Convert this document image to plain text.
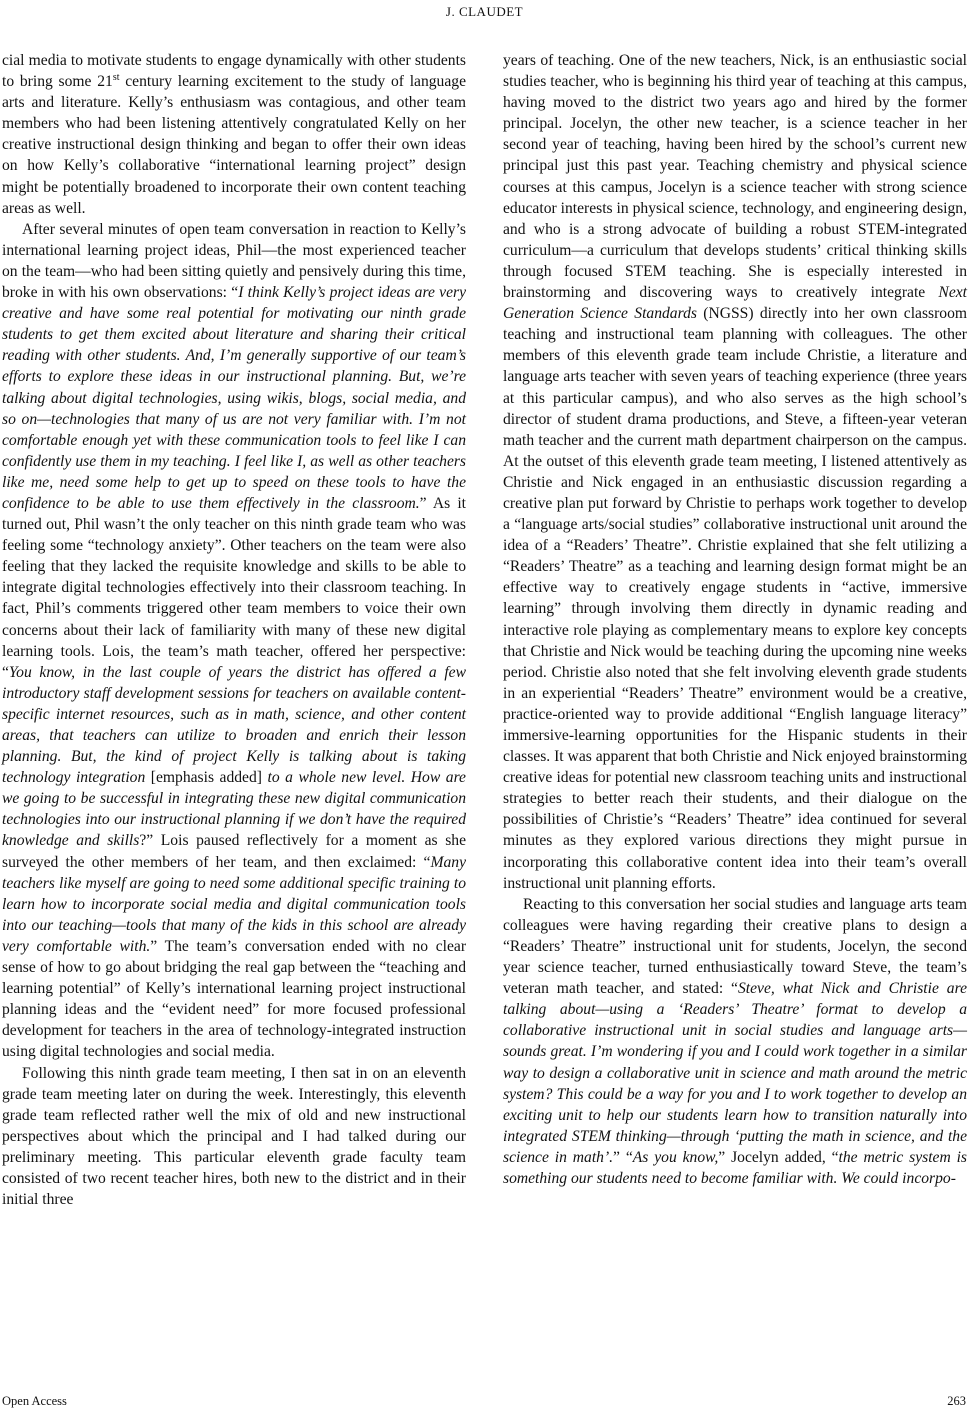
J. CLAUDET

cial media to motivate students to engage dynamically with other students to bring some 21st century learning excitement to the study of language arts and literature. Kelly’s enthusiasm was contagious, and other team members who had been listening attentively congratulated Kelly on her creative instructional design thinking and began to offer their own ideas on how Kelly’s collaborative “international learning project” design might be potentially broadened to incorporate their own content teaching areas as well.

After several minutes of open team conversation in reaction to Kelly’s international learning project ideas, Phil—the most experienced teacher on the team—who had been sitting quietly and pensively during this time, broke in with his own observations: “I think Kelly’s project ideas are very creative and have some real potential for motivating our ninth grade students to get them excited about literature and sharing their critical reading with other students. And, I’m generally supportive of our team’s efforts to explore these ideas in our instructional planning. But, we’re talking about digital technologies, using wikis, blogs, social media, and so on—technologies that many of us are not very familiar with. I’m not comfortable enough yet with these communication tools to feel like I can confidently use them in my teaching. I feel like I, as well as other teachers like me, need some help to get up to speed on these tools to have the confidence to be able to use them effectively in the classroom.” As it turned out, Phil wasn’t the only teacher on this ninth grade team who was feeling some “technology anxiety”. Other teachers on the team were also feeling that they lacked the requisite knowledge and skills to be able to integrate digital technologies effectively into their classroom teaching. In fact, Phil’s comments triggered other team members to voice their own concerns about their lack of familiarity with many of these new digital learning tools. Lois, the team’s math teacher, offered her perspective: “You know, in the last couple of years the district has offered a few introductory staff development sessions for teachers on available content-specific internet resources, such as in math, science, and other content areas, that teachers can utilize to broaden and enrich their lesson planning. But, the kind of project Kelly is talking about is taking technology integration [emphasis added] to a whole new level. How are we going to be successful in integrating these new digital communication technologies into our instructional planning if we don’t have the required knowledge and skills?” Lois paused reflectively for a moment as she surveyed the other members of her team, and then exclaimed: “Many teachers like myself are going to need some additional specific training to learn how to incorporate social media and digital communication tools into our teaching—tools that many of the kids in this school are already very comfortable with.” The team’s conversation ended with no clear sense of how to go about bridging the real gap between the “teaching and learning potential” of Kelly’s international learning project instructional planning ideas and the “evident need” for more focused professional development for teachers in the area of technology-integrated instruction using digital technologies and social media.

Following this ninth grade team meeting, I then sat in on an eleventh grade team meeting later on during the week. Interestingly, this eleventh grade team reflected rather well the mix of old and new instructional perspectives about which the principal and I had talked during our preliminary meeting. This particular eleventh grade faculty team consisted of two recent teacher hires, both new to the district and in their initial three

years of teaching. One of the new teachers, Nick, is an enthusiastic social studies teacher, who is beginning his third year of teaching at this campus, having moved to the district two years ago and hired by the former principal. Jocelyn, the other new teacher, is a science teacher in her second year of teaching, having been hired by the school’s current new principal just this past year. Teaching chemistry and physical science courses at this campus, Jocelyn is a science teacher with strong science educator interests in physical science, technology, and engineering design, and who is a strong advocate of building a robust STEM-integrated curriculum—a curriculum that develops students’ critical thinking skills through focused STEM teaching. She is especially interested in brainstorming and discovering ways to creatively integrate Next Generation Science Standards (NGSS) directly into her own classroom teaching and instructional team planning with colleagues. The other members of this eleventh grade team include Christie, a literature and language arts teacher with seven years of teaching experience (three years at this particular campus), and who also serves as the high school’s director of student drama productions, and Steve, a fifteen-year veteran math teacher and the current math department chairperson on the campus. At the outset of this eleventh grade team meeting, I listened attentively as Christie and Nick engaged in an enthusiastic discussion regarding a creative plan put forward by Christie to perhaps work together to develop a “language arts/social studies” collaborative instructional unit around the idea of a “Readers’ Theatre”. Christie explained that she felt utilizing a “Readers’ Theatre” as a teaching and learning design format might be an effective way to creatively engage students in “active, immersive learning” through involving them directly in dynamic reading and interactive role playing as complementary means to explore key concepts that Christie and Nick would be teaching during the upcoming nine weeks period. Christie also noted that she felt involving eleventh grade students in an experiential “Readers’ Theatre” environment would be a creative, practice-oriented way to provide additional “English language literacy” immersive-learning opportunities for the Hispanic students in their classes. It was apparent that both Christie and Nick enjoyed brainstorming creative ideas for potential new classroom teaching units and instructional strategies to better reach their students, and their dialogue on the possibilities of Christie’s “Readers’ Theatre” idea continued for several minutes as they explored various directions they might pursue in incorporating this collaborative content idea into their team’s overall instructional unit planning efforts.

Reacting to this conversation her social studies and language arts team colleagues were having regarding their creative plans to design a “Readers’ Theatre” instructional unit for students, Jocelyn, the second year science teacher, turned enthusiastically toward Steve, the team’s veteran math teacher, and stated: “Steve, what Nick and Christie are talking about—using a ‘Readers’ Theatre’ format to develop a collaborative instructional unit in social studies and language arts—sounds great. I’m wondering if you and I could work together in a similar way to design a collaborative unit in science and math around the metric system? This could be a way for you and I to work together to develop an exciting unit to help our students learn how to transition naturally into integrated STEM thinking—through ‘putting the math in science, and the science in math’.” “As you know,” Jocelyn added, “the metric system is something our students need to become familiar with. We could incorpo-

Open Access	263
